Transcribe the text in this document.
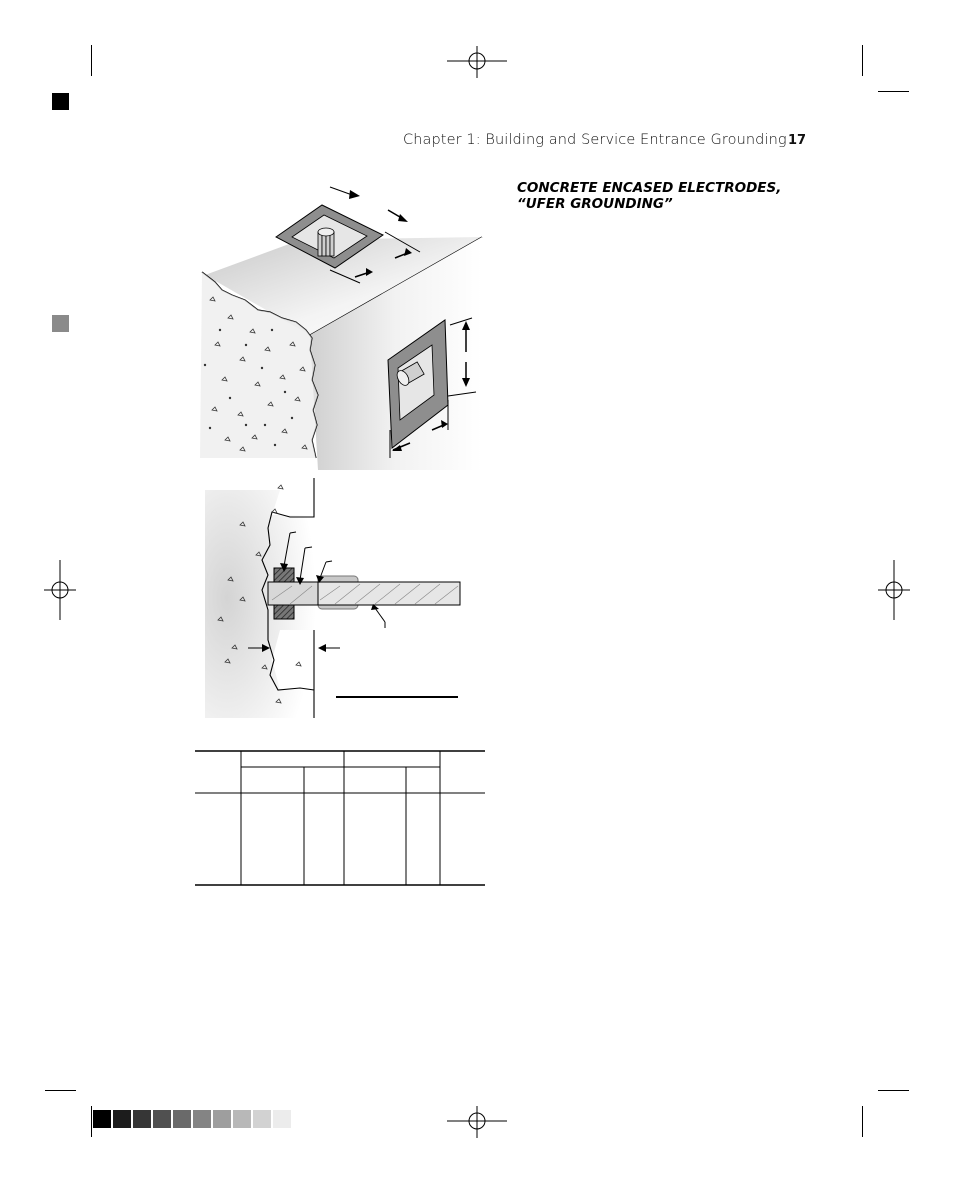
Chapter 1: Building and Service Entrance Grounding 17
CONCRETE ENCASED ELECTRODES,
“UFER GROUNDING”
